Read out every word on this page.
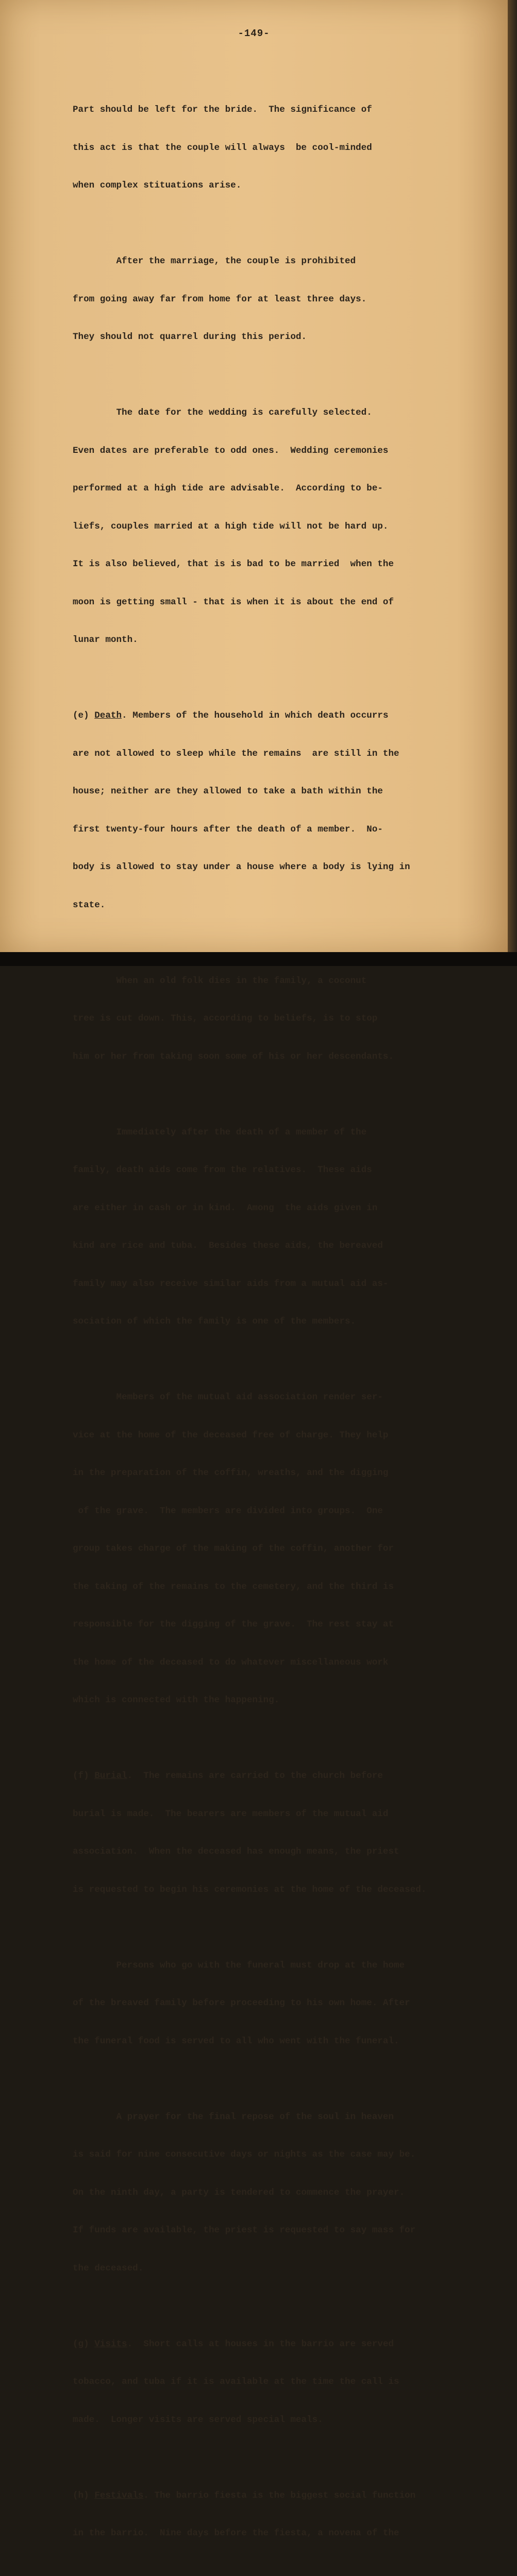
-149-

Part should be left for the bride.  The significance of

this act is that the couple will always  be cool-minded

when complex stituations arise.

After the marriage, the couple is prohibited

from going away far from home for at least three days.

They should not quarrel during this period.

The date for the wedding is carefully selected.

Even dates are preferable to odd ones.  Wedding ceremonies

performed at a high tide are advisable.  According to be-

liefs, couples married at a high tide will not be hard up.

It is also believed, that is is bad to be married  when the

moon is getting small - that is when it is about the end of

lunar month.

(e) Death. Members of the household in which death occurrs

are not allowed to sleep while the remains  are still in the

house; neither are they allowed to take a bath within the

first twenty-four hours after the death of a member.  No-

body is allowed to stay under a house where a body is lying in

state.

When an old folk dies in the family, a coconut

tree is cut down. This, according to beliefs, is to stop

him or her from taking soon some of his or her descendants.

Immediately after the death of a member of the

family, death aids come from the relatives.  These aids

are either in cash or in kind.  Among  the aids given in

kind are rice and tuba.  Besides these aids, the bereaved

family may also receive similar aids from a mutual aid as-

sociation of which the family is one of the members.

Members of the mutual aid association render ser-

vice at the home of the deceased free of charge. They help

in the preparation of the coffin, wreaths, and the digging

of the grave.  The members are divided into groups.  One

group takes charge of the making of the coffin, another for

the taking of the remains to the cemetery, and the third is

responsible for the digging of the grave.  The rest stay at

the home of the deceased to do whatever miscellaneous work

which is connected with the happening.

(f) Burial.  The remains are carried to the church before

burial is made.  The bearers are members of the mutual aid

association.  When the deceased has enough means, the priest

is requested to begin his ceremonies at the home of the deceased.

Persons who go with the funeral must drop at the home

of the breaved family before proceeding to his own home. After

the funeral food is served to all who went with the funeral.

A prayer for the final repose of the soul in heaven

is said for nine consecutive days or nights as the case may be.

On the ninth day, a party is tendered to commence the prayer.

If funds are available, the priest is requested to say mass for

the deceased.

(g) Visits.  Short calls at houses in the barrio are served

tobacco, and tuba if it is available at the time the call is

made.  Longer visits are served special meals.

(h) Festivals. The barrio fiesta is the biggest social function

in the barrio.  Nine days before the fiesta, a novena of the
